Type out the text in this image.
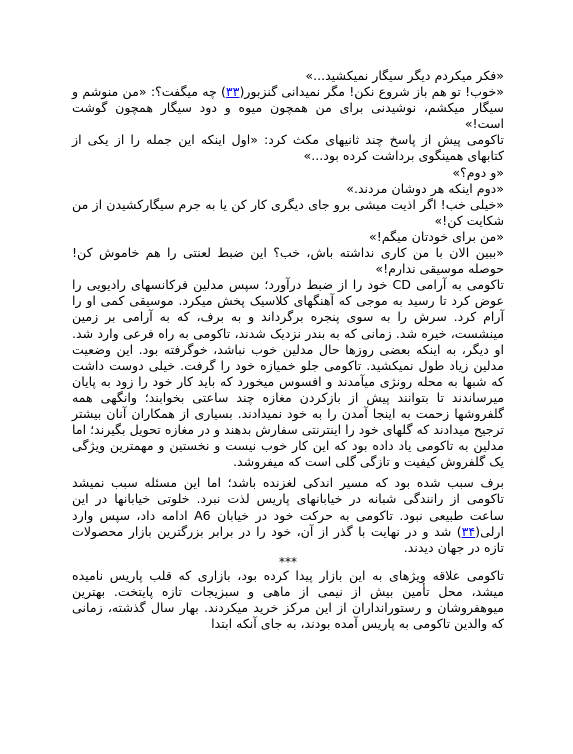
«فکر میکردم دیگر سیگار نمیکشید...»

«خوب! تو هم باز شروع نکن! مگر نمیدانی گنزبور(۳۳) چه میگفت؟: «من منوشم و سیگار میکشم، نوشیدنی برای من همچون میوه و دود سیگار همچون گوشت است!»

تاکومی پیش از پاسخ چند ثانیهای مکث کرد: «اول اینکه این جمله را از یکی از کتابهای همینگوی برداشت کرده بود...»

«و دوم؟»

«دوم اینکه هر دوشان مردند.»

«خیلی خب! اگر اذیت میشی برو جای دیگری کار کن یا به جرم سیگارکشیدن از من شکایت کن!»

«من برای خودتان میگم!»

«ببین الان با من کاری نداشته باش، خب؟ این ضبط لعنتی را هم خاموش کن! حوصله موسیقی ندارم!»

تاکومی به آرامی CD خود را از ضبط درآورد؛ سپس مدلین فرکانسهای رادیویی را عوض کرد تا رسید به موجی که آهنگهای کلاسیک پخش میکرد. موسیقی کمی او را آرام کرد. سرش را به سوی پنجره برگرداند و به برف، که به آرامی بر زمین مینشست، خیره شد. زمانی که به بندر نزدیک شدند، تاکومی به راه فرعی وارد شد. او دیگر، به اینکه بعضی روزها حال مدلین خوب نباشد، خوگرفته بود. این وضعیت مدلین زیاد طول نمیکشید. تاکومی جلو خمیازه خود را گرفت. خیلی دوست داشت که شبها به محله رونژی میآمدند و افسوس میخورد که باید کار خود را زود به پایان میرساندند تا بتوانند پیش از بازکردن مغازه چند ساعتی بخوابند؛ وانگهی همه گلفروشها زحمت به اینجا آمدن را به خود نمیدادند. بسیاری از همکاران آنان بیشتر ترجیح میدادند که گلهای خود را اینترنتی سفارش بدهند و در مغازه تحویل بگیرند؛ اما مدلین به تاکومی یاد داده بود که این کار خوب نیست و نخستین و مهمترین ویژگی یک گلفروش کیفیت و تازگی گلی است که میفروشد.

برف سبب شده بود که مسیر اندکی لغزنده باشد؛ اما این مسئله سبب نمیشد تاکومی از رانندگی شبانه در خیابانهای پاریس لذت نبرد. خلوتی خیابانها در این ساعت طبیعی نبود. تاکومی به حرکت خود در خیابان A6 ادامه داد، سپس وارد ارلی(۳۴) شد و در نهایت با گذر از آن، خود را در برابر بزرگترین بازار محصولات تازه در جهان دیدند.

***

تاکومی علاقه ویژهای به این بازار پیدا کرده بود، بازاری که قلب پاریس نامیده میشد، محل تأمین بیش از نیمی از ماهی و سبزیجات تازه پایتخت. بهترین میوهفروشان و رستورانداران از این مرکز خرید میکردند. بهار سال گذشته، زمانی که والدین تاکومی به پاریس آمده بودند، به جای آنکه ابتدا
